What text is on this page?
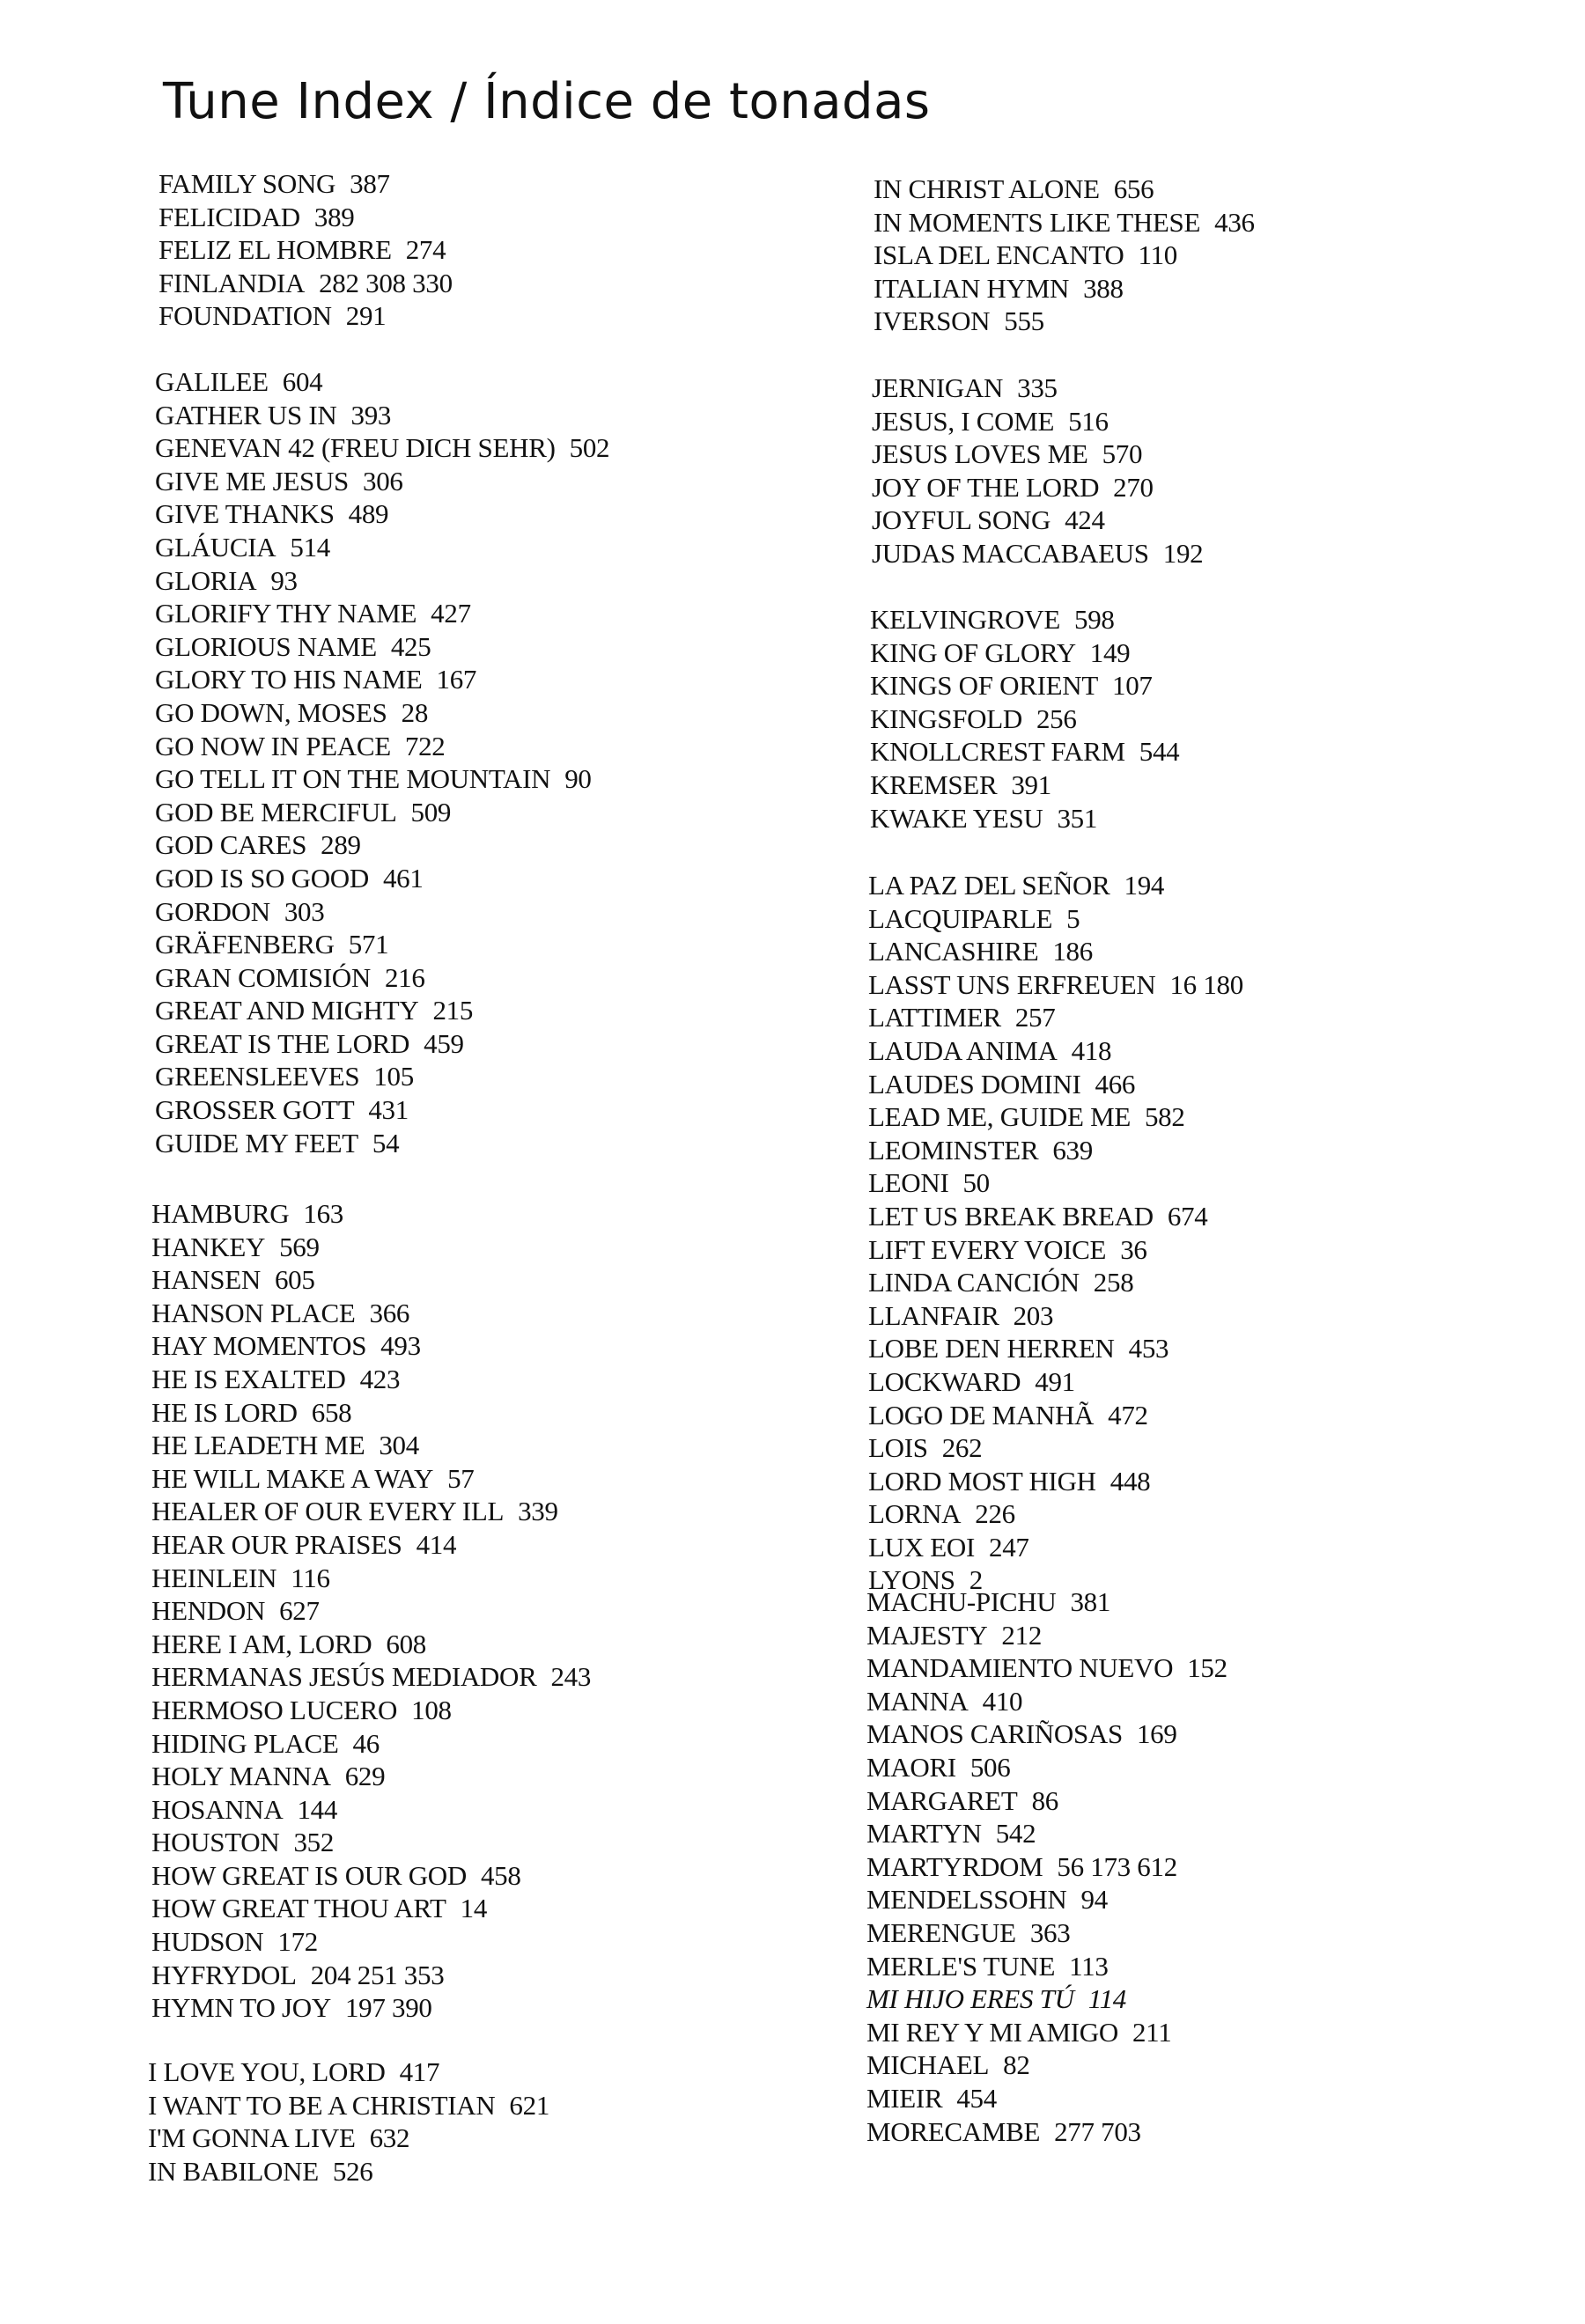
Tune Index / Índice de tonadas
FAMILY SONG 387
FELICIDAD 389
FELIZ EL HOMBRE 274
FINLANDIA 282 308 330
FOUNDATION 291
GALILEE 604
GATHER US IN 393
GENEVAN 42 (FREU DICH SEHR) 502
GIVE ME JESUS 306
GIVE THANKS 489
GLÁUCIA 514
GLORIA 93
GLORIFY THY NAME 427
GLORIOUS NAME 425
GLORY TO HIS NAME 167
GO DOWN, MOSES 28
GO NOW IN PEACE 722
GO TELL IT ON THE MOUNTAIN 90
GOD BE MERCIFUL 509
GOD CARES 289
GOD IS SO GOOD 461
GORDON 303
GRÄFENBERG 571
GRAN COMISIÓN 216
GREAT AND MIGHTY 215
GREAT IS THE LORD 459
GREENSLEEVES 105
GROSSER GOTT 431
GUIDE MY FEET 54
HAMBURG 163
HANKEY 569
HANSEN 605
HANSON PLACE 366
HAY MOMENTOS 493
HE IS EXALTED 423
HE IS LORD 658
HE LEADETH ME 304
HE WILL MAKE A WAY 57
HEALER OF OUR EVERY ILL 339
HEAR OUR PRAISES 414
HEINLEIN 116
HENDON 627
HERE I AM, LORD 608
HERMANAS JESÚS MEDIADOR 243
HERMOSO LUCERO 108
HIDING PLACE 46
HOLY MANNA 629
HOSANNA 144
HOUSTON 352
HOW GREAT IS OUR GOD 458
HOW GREAT THOU ART 14
HUDSON 172
HYFRYDOL 204 251 353
HYMN TO JOY 197 390
I LOVE YOU, LORD 417
I WANT TO BE A CHRISTIAN 621
I'M GONNA LIVE 632
IN BABILONE 526
IN CHRIST ALONE 656
IN MOMENTS LIKE THESE 436
ISLA DEL ENCANTO 110
ITALIAN HYMN 388
IVERSON 555
JERNIGAN 335
JESUS, I COME 516
JESUS LOVES ME 570
JOY OF THE LORD 270
JOYFUL SONG 424
JUDAS MACCABAEUS 192
KELVINGROVE 598
KING OF GLORY 149
KINGS OF ORIENT 107
KINGSFOLD 256
KNOLLCREST FARM 544
KREMSER 391
KWAKE YESU 351
LA PAZ DEL SEÑOR 194
LACQUIPARLE 5
LANCASHIRE 186
LASST UNS ERFREUEN 16 180
LATTIMER 257
LAUDA ANIMA 418
LAUDES DOMINI 466
LEAD ME, GUIDE ME 582
LEOMINSTER 639
LEONI 50
LET US BREAK BREAD 674
LIFT EVERY VOICE 36
LINDA CANCIÓN 258
LLANFAIR 203
LOBE DEN HERREN 453
LOCKWARD 491
LOGO DE MANHÃ 472
LOIS 262
LORD MOST HIGH 448
LORNA 226
LUX EOI 247
LYONS 2
MACHU-PICHU 381
MAJESTY 212
MANDAMIENTO NUEVO 152
MANNA 410
MANOS CARIÑOSAS 169
MAORI 506
MARGARET 86
MARTYN 542
MARTYRDOM 56 173 612
MENDELSSOHN 94
MERENGUE 363
MERLE'S TUNE 113
MI HIJO ERES TÚ 114
MI REY Y MI AMIGO 211
MICHAEL 82
MIEIR 454
MORECAMBE 277 703
